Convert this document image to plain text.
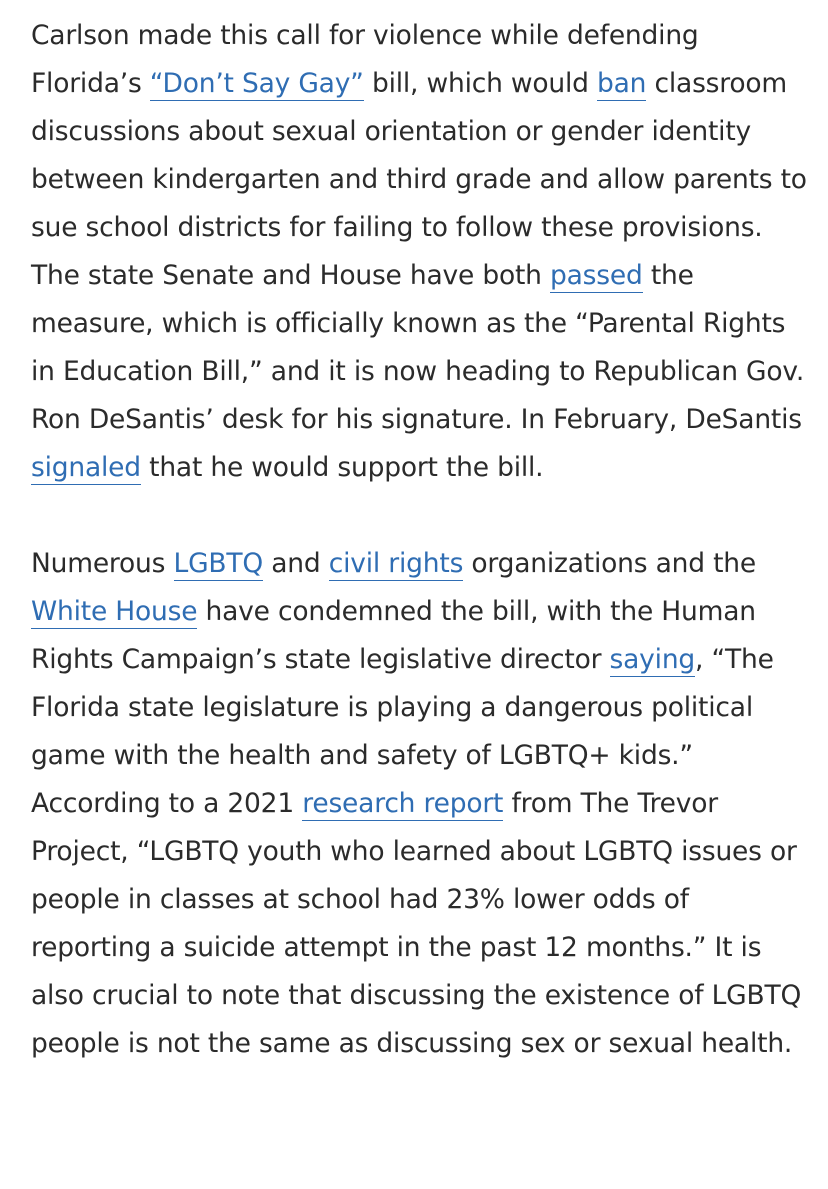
Carlson made this call for violence while defending Florida’s “Don’t Say Gay” bill, which would ban classroom discussions about sexual orientation or gender identity between kindergarten and third grade and allow parents to sue school districts for failing to follow these provisions. The state Senate and House have both passed the measure, which is officially known as the “Parental Rights in Education Bill,” and it is now heading to Republican Gov. Ron DeSantis’ desk for his signature. In February, DeSantis signaled that he would support the bill.

Numerous LGBTQ and civil rights organizations and the White House have condemned the bill, with the Human Rights Campaign’s state legislative director saying, “The Florida state legislature is playing a dangerous political game with the health and safety of LGBTQ+ kids.” According to a 2021 research report from The Trevor Project, “LGBTQ youth who learned about LGBTQ issues or people in classes at school had 23% lower odds of reporting a suicide attempt in the past 12 months.” It is also crucial to note that discussing the existence of LGBTQ people is not the same as discussing sex or sexual health.
